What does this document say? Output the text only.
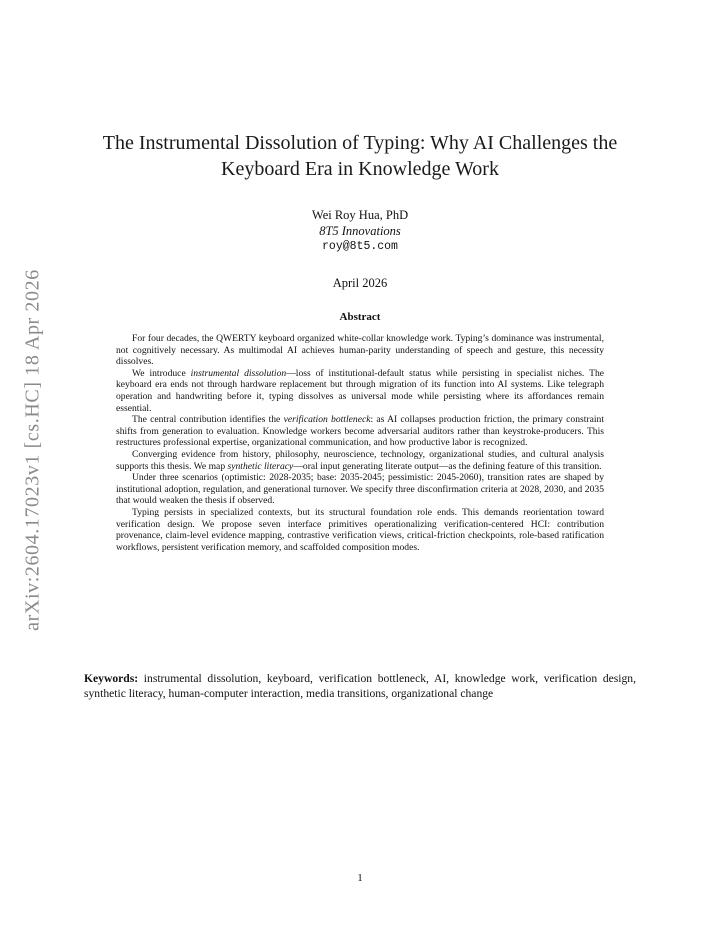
arXiv:2604.17023v1 [cs.HC] 18 Apr 2026
The Instrumental Dissolution of Typing: Why AI Challenges the
Keyboard Era in Knowledge Work
Wei Roy Hua, PhD
8T5 Innovations
roy@8t5.com
April 2026
Abstract

For four decades, the QWERTY keyboard organized white-collar knowledge work. Typing’s dominance was instrumental, not cognitively necessary. As multimodal AI achieves human-parity understanding of speech and gesture, this necessity dissolves.

We introduce instrumental dissolution—loss of institutional-default status while persisting in specialist niches. The keyboard era ends not through hardware replacement but through migration of its function into AI systems. Like telegraph operation and handwriting before it, typing dissolves as universal mode while persisting where its affordances remain essential.

The central contribution identifies the verification bottleneck: as AI collapses production friction, the primary constraint shifts from generation to evaluation. Knowledge workers become adversarial auditors rather than keystroke-producers. This restructures professional expertise, organizational communication, and how productive labor is recognized.

Converging evidence from history, philosophy, neuroscience, technology, organizational studies, and cultural analysis supports this thesis. We map synthetic literacy—oral input generating literate output—as the defining feature of this transition.

Under three scenarios (optimistic: 2028-2035; base: 2035-2045; pessimistic: 2045-2060), transition rates are shaped by institutional adoption, regulation, and generational turnover. We specify three disconfirmation criteria at 2028, 2030, and 2035 that would weaken the thesis if observed.

Typing persists in specialized contexts, but its structural foundation role ends. This demands reorientation toward verification design. We propose seven interface primitives operationalizing verification-centered HCI: contribution provenance, claim-level evidence mapping, contrastive verification views, critical-friction checkpoints, role-based ratification workflows, persistent verification memory, and scaffolded composition modes.

Keywords: instrumental dissolution, keyboard, verification bottleneck, AI, knowledge work, verification design, synthetic literacy, human-computer interaction, media transitions, organizational change
1
